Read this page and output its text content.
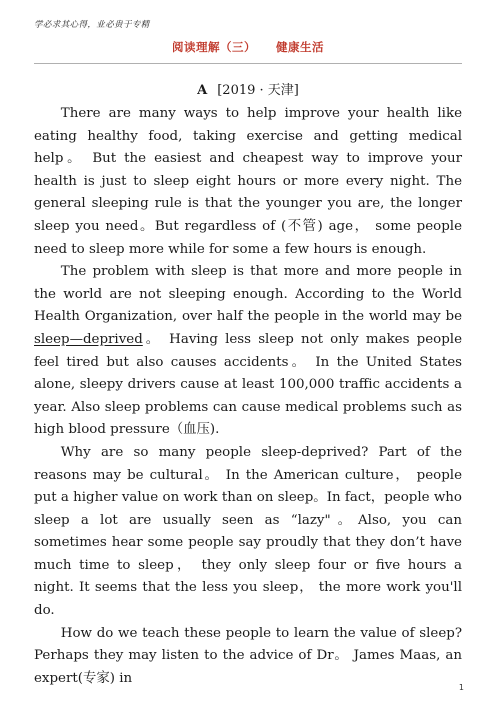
学必求其心得，业必贵于专精
阅读理解（三） 健康生活
A [2019 · 天津]

There are many ways to help improve your health like eating healthy food, taking exercise and getting medical help。 But the easiest and cheapest way to improve your health is just to sleep eight hours or more every night. The general sleeping rule is that the younger you are, the longer sleep you need。But regardless of (不管) age， some people need to sleep more while for some a few hours is enough.

The problem with sleep is that more and more people in the world are not sleeping enough. According to the World Health Organization, over half the people in the world may be sleep—deprived。 Having less sleep not only makes people feel tired but also causes accidents。 In the United States alone, sleepy drivers cause at least 100,000 traffic accidents a year. Also sleep problems can cause medical problems such as high blood pressure（血压).

Why are so many people sleep-deprived? Part of the reasons may be cultural。 In the American culture， people put a higher value on work than on sleep。In fact，people who sleep a lot are usually seen as “lazy"。Also, you can sometimes hear some people say proudly that they don’t have much time to sleep， they only sleep four or five hours a night. It seems that the less you sleep， the more work you'll do.

How do we teach these people to learn the value of sleep? Perhaps they may listen to the advice of Dr。 James Maas, an expert(专家) in

1
